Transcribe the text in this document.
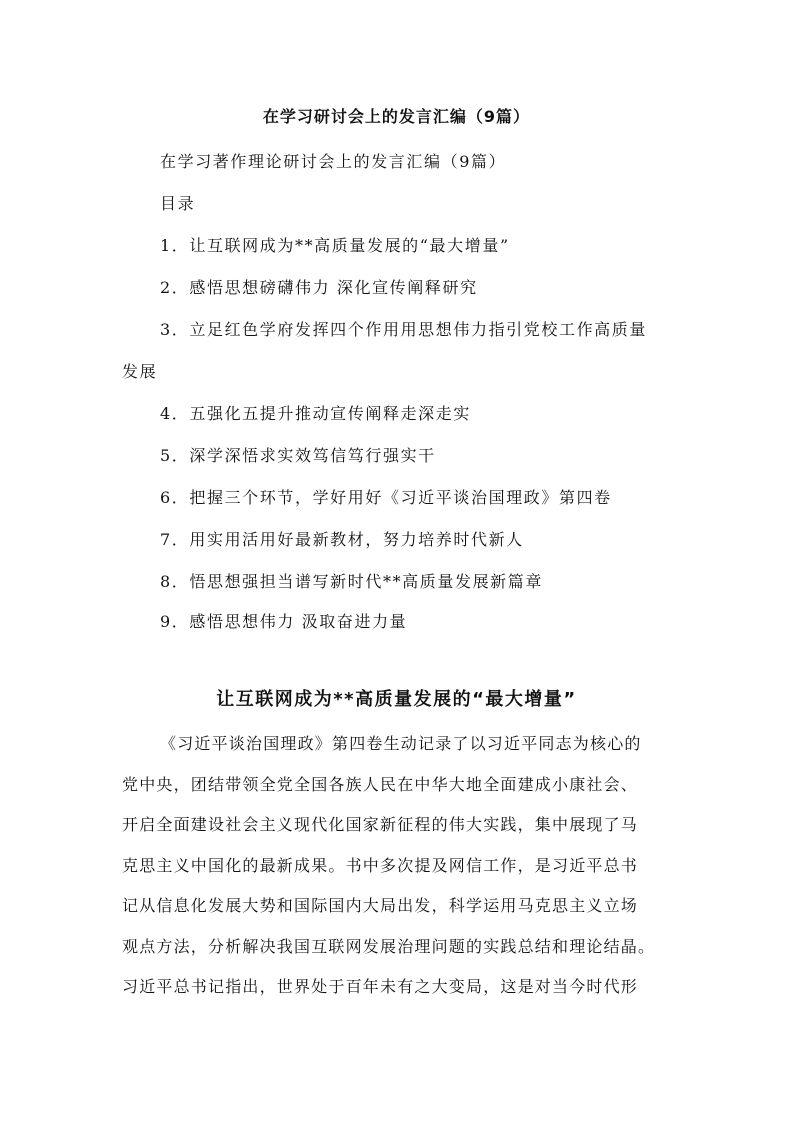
在学习研讨会上的发言汇编（9篇）
在学习著作理论研讨会上的发言汇编（9篇）
目录
1．让互联网成为**高质量发展的“最大增量”
2．感悟思想磅礴伟力 深化宣传阐释研究
3．立足红色学府发挥四个作用用思想伟力指引党校工作高质量
发展
4．五强化五提升推动宣传阐释走深走实
5．深学深悟求实效笃信笃行强实干
6．把握三个环节，学好用好《习近平谈治国理政》第四卷
7．用实用活用好最新教材，努力培养时代新人
8．悟思想强担当谱写新时代**高质量发展新篇章
9．感悟思想伟力 汲取奋进力量
让互联网成为**高质量发展的“最大增量”
《习近平谈治国理政》第四卷生动记录了以习近平同志为核心的
党中央，团结带领全党全国各族人民在中华大地全面建成小康社会、
开启全面建设社会主义现代化国家新征程的伟大实践，集中展现了马
克思主义中国化的最新成果。书中多次提及网信工作，是习近平总书
记从信息化发展大势和国际国内大局出发，科学运用马克思主义立场
观点方法，分析解决我国互联网发展治理问题的实践总结和理论结晶。
习近平总书记指出，世界处于百年未有之大变局，这是对当今时代形
